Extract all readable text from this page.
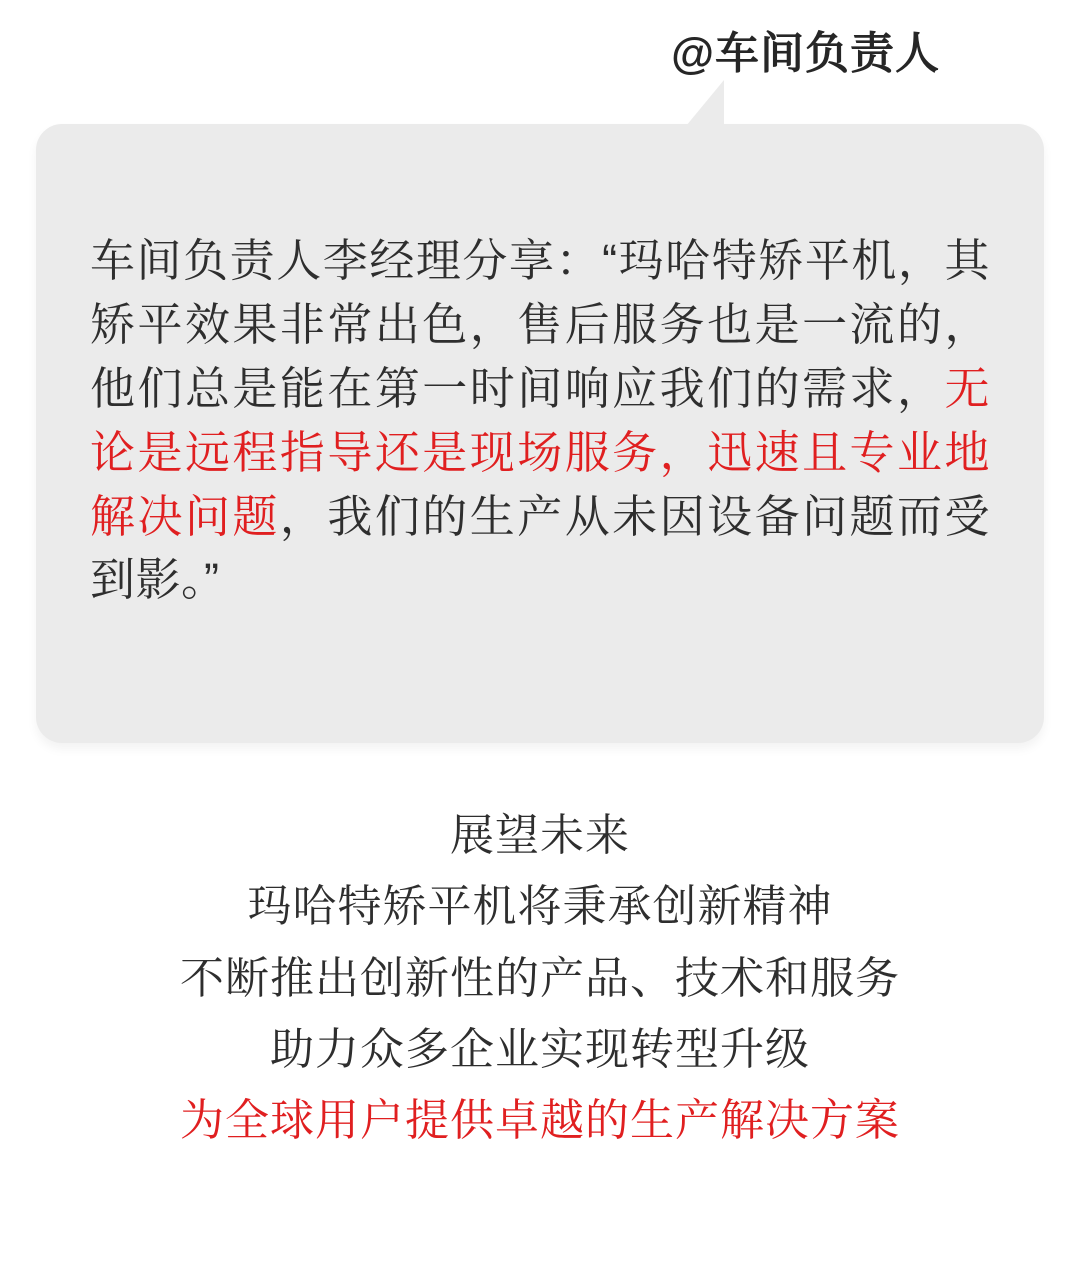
@车间负责人

车间负责人李经理分享：“玛哈特矫平机，其矫平效果非常出色，售后服务也是一流的，他们总是能在第一时间响应我们的需求，无论是远程指导还是现场服务，迅速且专业地解决问题，我们的生产从未因设备问题而受到影。”

展望未来
玛哈特矫平机将秉承创新精神
不断推出创新性的产品、技术和服务
助力众多企业实现转型升级
为全球用户提供卓越的生产解决方案
